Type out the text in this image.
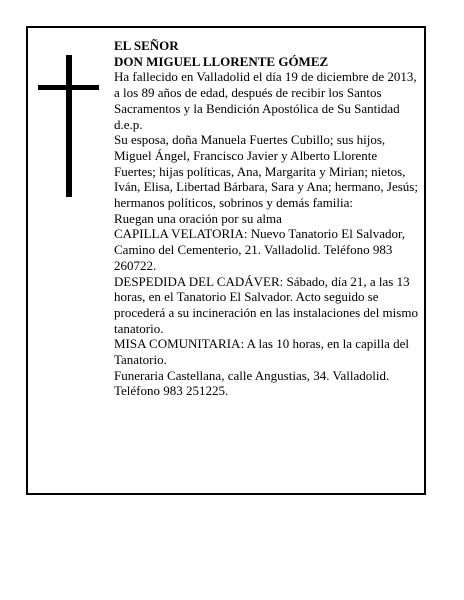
EL SEÑOR

DON MIGUEL LLORENTE GÓMEZ

Ha fallecido en Valladolid el día 19 de diciembre de 2013, a los 89 años de edad, después de recibir los Santos Sacramentos y la Bendición Apostólica de Su Santidad

d.e.p.

Su esposa, doña Manuela Fuertes Cubillo; sus hijos, Miguel Ángel, Francisco Javier y Alberto Llorente Fuertes; hijas políticas, Ana, Margarita y Mirian; nietos, Iván, Elisa, Libertad Bárbara, Sara y Ana; hermano, Jesús; hermanos políticos, sobrinos y demás familia:

Ruegan una oración por su alma

CAPILLA VELATORIA: Nuevo Tanatorio El Salvador, Camino del Cementerio, 21. Valladolid. Teléfono 983 260722.

DESPEDIDA DEL CADÁVER: Sábado, día 21, a las 13 horas, en el Tanatorio El Salvador. Acto seguido se procederá a su incineración en las instalaciones del mismo tanatorio.

MISA COMUNITARIA: A las 10 horas, en la capilla del Tanatorio.

Funeraria Castellana, calle Angustias, 34. Valladolid. Teléfono 983 251225.
